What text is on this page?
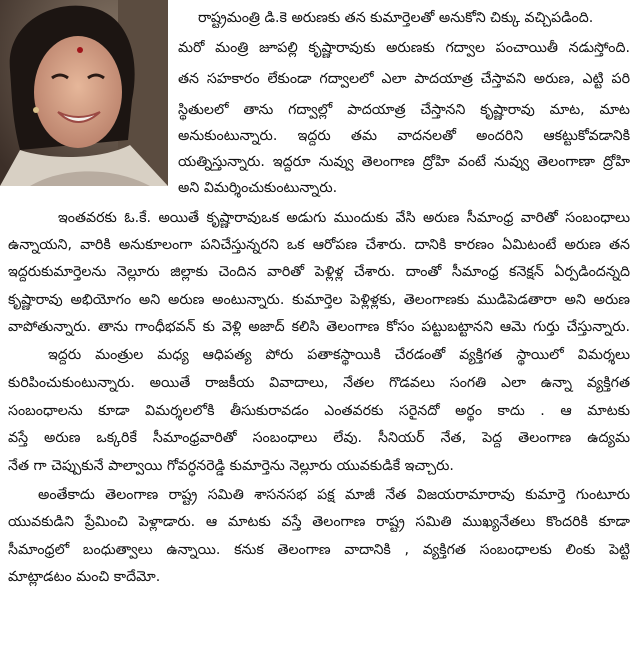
రాష్ట్రమంత్రి డి.కె అరుణకు తన కుమార్తెలతో అనుకోని చిక్కు వచ్చిపడింది.
మరో మంత్రి జూపల్లి కృష్ణారావుకు అరుణకు గద్వాల పంచాయితీ నడుస్తోంది.
తన సహకారం లేకుండా గద్వాలలో ఎలా పాదయాత్ర చేస్తావని అరుణ, ఎట్టి పరి
స్థితులలో తాను గద్వాల్లో పాదయాత్ర చేస్తానని కృష్ణారావు మాట, మాట
అనుకుంటున్నారు. ఇద్దరు తమ వాదనలతో అందరిని ఆకట్టుకోవడానికి
యత్నిస్తున్నారు. ఇద్దరూ నువ్వు తెలంగాణ ద్రోహి వంటే నువ్వు తెలంగాణా ద్రోహి
అని విమర్శించుకుంటున్నారు.
ఇంతవరకు ఓ.కే. అయితే కృష్ణారావుఒక అడుగు ముందుకు వేసి అరుణ సీమాంధ్ర వారితో సంబంధాలు
ఉన్నాయని, వారికి అనుకూలంగా పనిచేస్తున్నరని ఒక ఆరోపణ చేశారు. దానికి కారణం ఏమిటంటే అరుణ తన
ఇద్దరుకుమార్తెలను నెల్లూరు జిల్లాకు చెందిన వారితో పెళ్లిళ్ల చేశారు. దాంతో సీమాంధ్ర కనెక్షన్ ఏర్పడిందన్నది
కృష్ణారావు అభియోగం అని అరుణ అంటున్నారు. కుమార్తెల పెళ్లిళ్లకు, తెలంగాణకు ముడిపెడతారా అని అరుణ
వాపోతున్నారు. తాను గాంధీభవన్ కు వెళ్లి అజాద్ కలిసి తెలంగాణ కోసం పట్టుబట్టానని ఆమె గుర్తు చేస్తున్నారు.
ఇద్దరు మంత్రుల మధ్య ఆధిపత్య పోరు పతాకస్థాయికి చేరడంతో వ్యక్తిగత స్థాయిలో విమర్శలు
కురిపించుకుంటున్నారు. అయితే రాజకీయ వివాదాలు, నేతల గొడవలు సంగతి ఎలా ఉన్నా వ్యక్తిగత
సంబంధాలను కూడా విమర్శలలోకి తీసుకురావడం ఎంతవరకు సరైనదో అర్థం కాదు . ఆ మాటకు
వస్తే అరుణ ఒక్కరికే సీమాంధ్రవారితో సంబంధాలు లేవు. సీనియర్ నేత, పెద్ద తెలంగాణ ఉద్యమ
నేత గా చెప్పుకునే పాల్వాయి గోవర్ధనరెడ్డి కుమార్తెను నెల్లూరు యువకుడికే ఇచ్చారు.
అంతేకాదు తెలంగాణ రాష్ట్ర సమితి శాసనసభ పక్ష మాజీ నేత విజయరామారావు కుమార్తె గుంటూరు
యువకుడిని ప్రేమించి పెళ్లాడారు. ఆ మాటకు వస్తే తెలంగాణ రాష్ట్ర సమితి ముఖ్యనేతలు కొందరికి కూడా
సీమాంధ్రలో బంధుత్వాలు ఉన్నాయి. కనుక తెలంగాణ వాదానికి , వ్యక్తిగత సంబంధాలకు లింకు పెట్టి
మాట్లాడటం మంచి కాదేమో.
